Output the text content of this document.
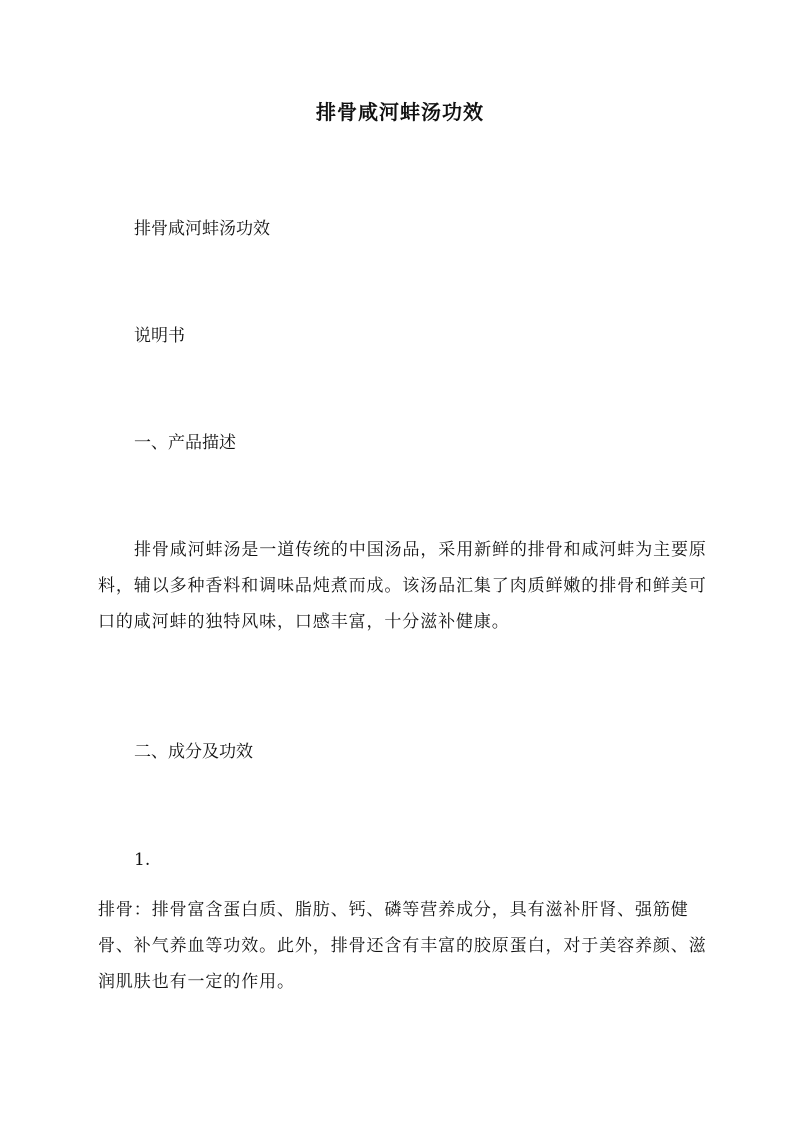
排骨咸河蚌汤功效
排骨咸河蚌汤功效
说明书
一、产品描述
排骨咸河蚌汤是一道传统的中国汤品，采用新鲜的排骨和咸河蚌为主要原料，辅以多种香料和调味品炖煮而成。该汤品汇集了肉质鲜嫩的排骨和鲜美可口的咸河蚌的独特风味，口感丰富，十分滋补健康。
二、成分及功效
1.
排骨：排骨富含蛋白质、脂肪、钙、磷等营养成分，具有滋补肝肾、强筋健骨、补气养血等功效。此外，排骨还含有丰富的胶原蛋白，对于美容养颜、滋润肌肤也有一定的作用。
